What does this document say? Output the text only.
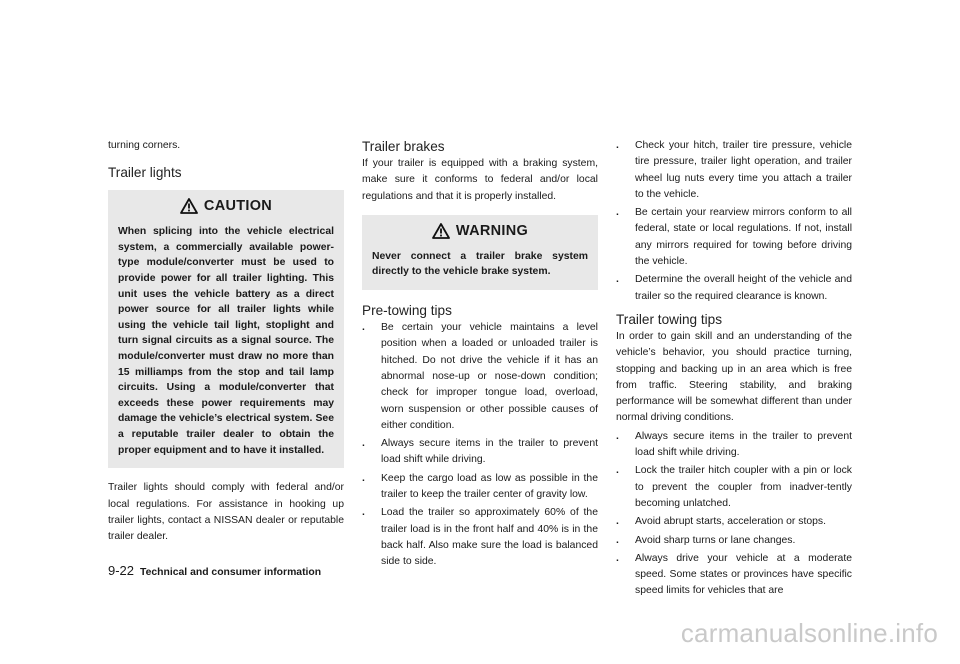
turning corners.

Trailer lights
CAUTION
When splicing into the vehicle electrical system, a commercially available power-type module/converter must be used to provide power for all trailer lighting. This unit uses the vehicle battery as a direct power source for all trailer lights while using the vehicle tail light, stoplight and turn signal circuits as a signal source. The module/converter must draw no more than 15 milliamps from the stop and tail lamp circuits. Using a module/converter that exceeds these power requirements may damage the vehicle’s electrical system. See a reputable trailer dealer to obtain the proper equipment and to have it installed.

Trailer lights should comply with federal and/or local regulations. For assistance in hooking up trailer lights, contact a NISSAN dealer or reputable trailer dealer.

Trailer brakes

If your trailer is equipped with a braking system, make sure it conforms to federal and/or local regulations and that it is properly installed.

WARNING
Never connect a trailer brake system directly to the vehicle brake system.
Pre-towing tips
. Be certain your vehicle maintains a level position when a loaded or unloaded trailer is hitched. Do not drive the vehicle if it has an abnormal nose-up or nose-down condition; check for improper tongue load, overload, worn suspension or other possible causes of either condition.
. Always secure items in the trailer to prevent load shift while driving.
. Keep the cargo load as low as possible in the trailer to keep the trailer center of gravity low.
. Load the trailer so approximately 60% of the trailer load is in the front half and 40% is in the back half. Also make sure the load is balanced side to side.
. Check your hitch, trailer tire pressure, vehicle tire pressure, trailer light operation, and trailer wheel lug nuts every time you attach a trailer to the vehicle.
. Be certain your rearview mirrors conform to all federal, state or local regulations. If not, install any mirrors required for towing before driving the vehicle.
. Determine the overall height of the vehicle and trailer so the required clearance is known.
Trailer towing tips

In order to gain skill and an understanding of the vehicle’s behavior, you should practice turning, stopping and backing up in an area which is free from traffic. Steering stability, and braking performance will be somewhat different than under normal driving conditions.

. Always secure items in the trailer to prevent load shift while driving.
. Lock the trailer hitch coupler with a pin or lock to prevent the coupler from inadver-tently becoming unlatched.
. Avoid abrupt starts, acceleration or stops.
. Avoid sharp turns or lane changes.
. Always drive your vehicle at a moderate speed. Some states or provinces have specific speed limits for vehicles that are
9-22 Technical and consumer information
carmanualsonline.info
